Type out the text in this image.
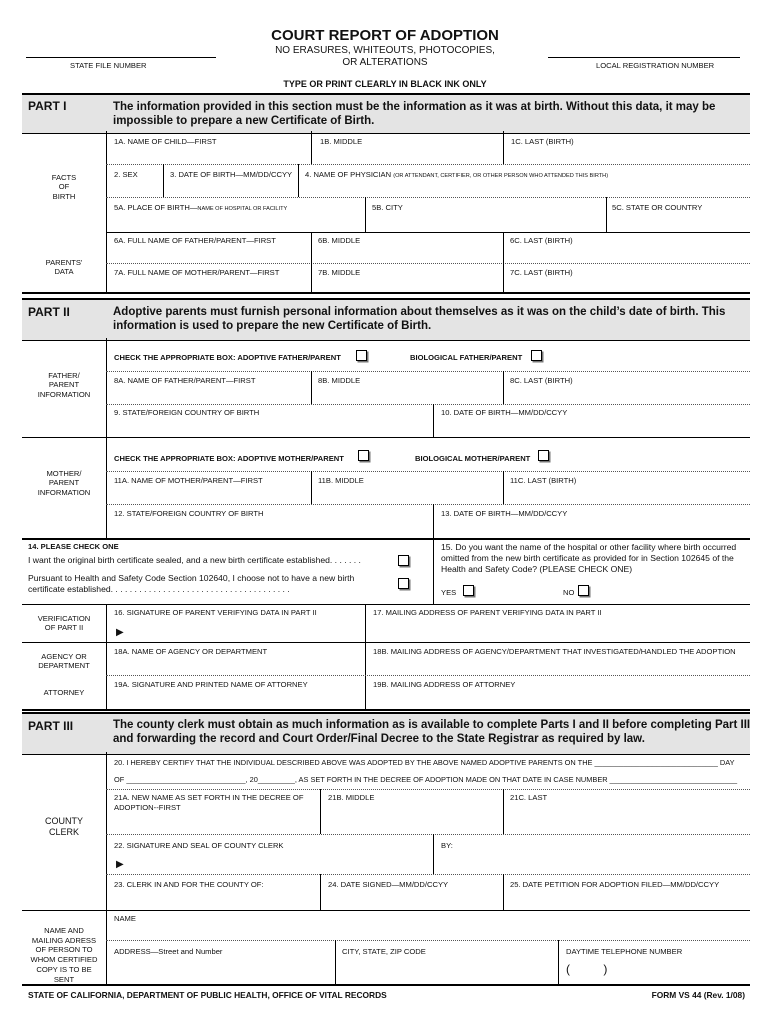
COURT REPORT OF ADOPTION
NO ERASURES, WHITEOUTS, PHOTOCOPIES,
OR ALTERATIONS
STATE FILE NUMBER	LOCAL REGISTRATION NUMBER
TYPE OR PRINT CLEARLY IN BLACK INK ONLY
PART I	The information provided in this section must be the information as it was at birth. Without this data, it may be impossible to prepare a new Certificate of Birth.
FACTS
OF
BIRTH
PARENTS'
DATA
1A. NAME OF CHILD—FIRST	1B. MIDDLE	1C. LAST (BIRTH)
2. SEX	3. DATE OF BIRTH—MM/DD/CCYY 4. NAME OF PHYSICIAN (OR ATTENDANT, CERTIFIER, OR OTHER PERSON WHO ATTENDED THIS BIRTH)
5A. PLACE OF BIRTH—NAME OF HOSPITAL OR FACILITY	5B. CITY	5C. STATE OR COUNTRY
6A. FULL NAME OF FATHER/PARENT—FIRST	6B. MIDDLE	6C. LAST (BIRTH)
7A. FULL NAME OF MOTHER/PARENT—FIRST	7B. MIDDLE	7C. LAST (BIRTH)
PART II	Adoptive parents must furnish personal information about themselves as it was on the child’s date of birth. This information is used to prepare the new Certificate of Birth.
FATHER/
PARENT
INFORMATION
MOTHER/
PARENT
INFORMATION
CHECK THE APPROPRIATE BOX: ADOPTIVE FATHER/PARENT	BIOLOGICAL FATHER/PARENT
8A. NAME OF FATHER/PARENT—FIRST	8B. MIDDLE	8C. LAST (BIRTH)
9. STATE/FOREIGN COUNTRY OF BIRTH	10. DATE OF BIRTH—MM/DD/CCYY
CHECK THE APPROPRIATE BOX: ADOPTIVE MOTHER/PARENT	BIOLOGICAL MOTHER/PARENT
11A. NAME OF MOTHER/PARENT—FIRST	11B. MIDDLE	11C. LAST (BIRTH)
12. STATE/FOREIGN COUNTRY OF BIRTH	13. DATE OF BIRTH—MM/DD/CCYY
14. PLEASE CHECK ONE
I want the original birth certificate sealed, and a new birth certificate established. . . . . . .
Pursuant to Health and Safety Code Section 102640, I choose not to have a new birth
certificate established. . . . . . . . . . . . . . . . . . . . . . . . . . . . . . . . . . . . . .
15. Do you want the name of the hospital or other facility where birth occurred omitted from the new birth certificate as provided for in Section 102645 of the Health and Safety Code? (PLEASE CHECK ONE)
YES	NO
VERIFICATION
OF PART II
16. SIGNATURE OF PARENT VERIFYING DATA IN PART II
▶
17. MAILING ADDRESS OF PARENT VERIFYING DATA IN PART II
AGENCY OR
DEPARTMENT
18A. NAME OF AGENCY OR DEPARTMENT	18B. MAILING ADDRESS OF AGENCY/DEPARTMENT THAT INVESTIGATED/HANDLED THE ADOPTION
ATTORNEY
19A. SIGNATURE AND PRINTED NAME OF ATTORNEY	19B. MAILING ADDRESS OF ATTORNEY
PART III	The county clerk must obtain as much information as is available to complete Parts I and II before completing Part III and forwarding the record and Court Order/Final Decree to the State Registrar as required by law.
20. I HEREBY CERTIFY THAT THE INDIVIDUAL DESCRIBED ABOVE WAS ADOPTED BY THE ABOVE NAMED ADOPTIVE PARENTS ON THE ______________________________ DAY
OF _____________________________, 20_________, AS SET FORTH IN THE DECREE OF ADOPTION MADE ON THAT DATE IN CASE NUMBER _______________________________
21A. NEW NAME AS SET FORTH IN THE DECREE OF
ADOPTION--FIRST
21B. MIDDLE	21C. LAST
COUNTY
CLERK
22. SIGNATURE AND SEAL OF COUNTY CLERK
▶
BY:
23. CLERK IN AND FOR THE COUNTY OF:	24. DATE SIGNED—MM/DD/CCYY	25. DATE PETITION FOR ADOPTION FILED—MM/DD/CCYY
NAME AND
MAILING ADRESS
OF PERSON TO
WHOM CERTIFIED
COPY IS TO BE
SENT
NAME
ADDRESS—Street and Number	CITY, STATE, ZIP CODE	DAYTIME TELEPHONE NUMBER
(          )
STATE OF CALIFORNIA, DEPARTMENT OF PUBLIC HEALTH, OFFICE OF VITAL RECORDS	FORM VS 44 (Rev. 1/08)
